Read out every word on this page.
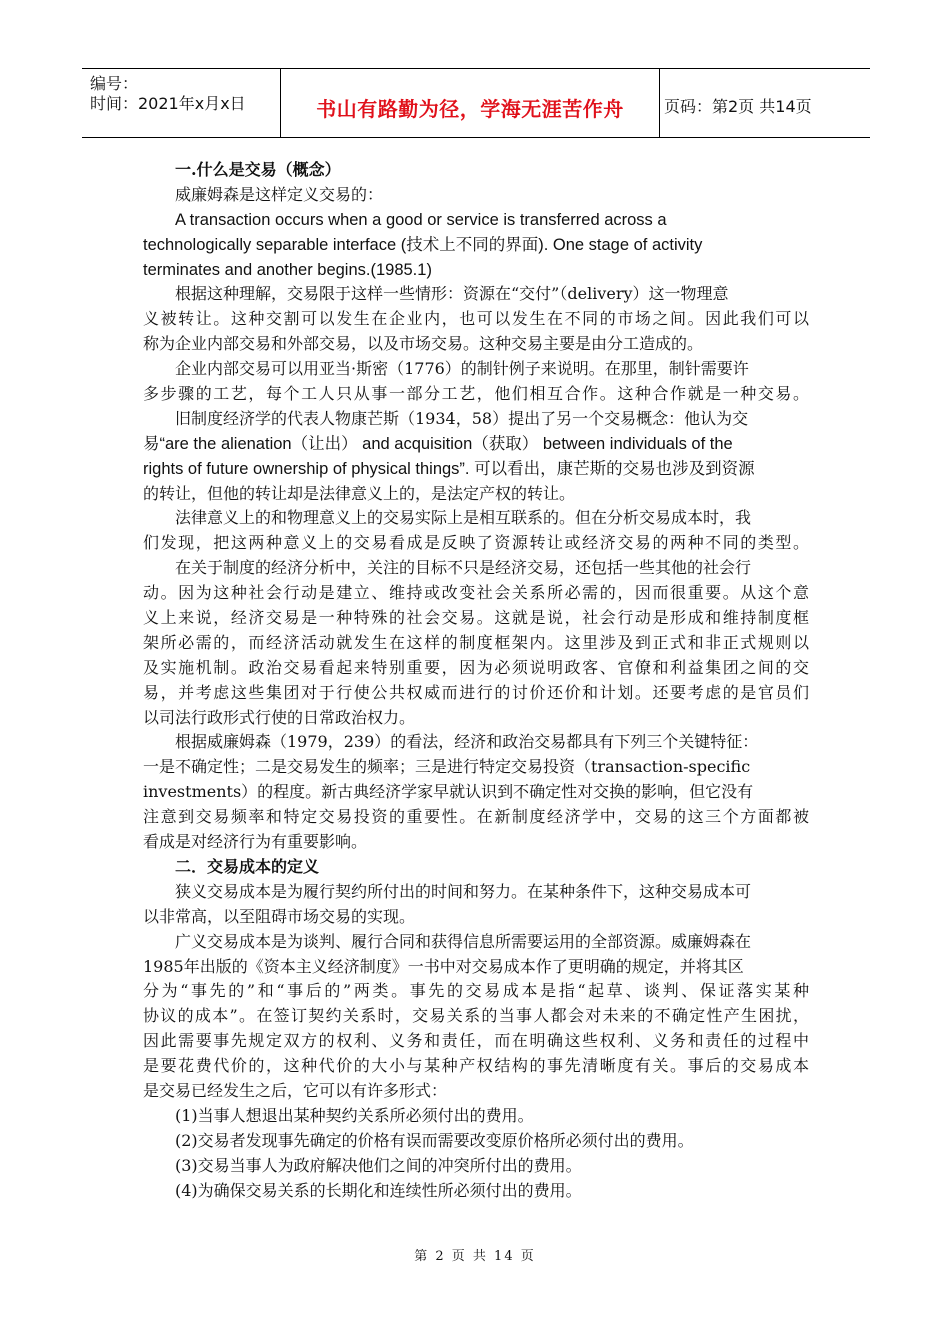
编号：
时间：2021年x月x日	书山有路勤为径，学海无涯苦作舟	页码：第2页 共14页
一.什么是交易（概念）
威廉姆森是这样定义交易的：
A transaction occurs when a good or service is transferred across a
technologically separable interface (技术上不同的界面). One stage of activity
terminates and another begins.(1985.1)
根据这种理解，交易限于这样一些情形：资源在“交付”（delivery）这一物理意
义被转让。这种交割可以发生在企业内，也可以发生在不同的市场之间。因此我们可以
称为企业内部交易和外部交易，以及市场交易。这种交易主要是由分工造成的。
企业内部交易可以用亚当·斯密（1776）的制针例子来说明。在那里，制针需要许
多步骤的工艺，每个工人只从事一部分工艺，他们相互合作。这种合作就是一种交易。
旧制度经济学的代表人物康芒斯（1934，58）提出了另一个交易概念：他认为交
易“are the alienation（让出） and acquisition（获取） between individuals of the
rights of future ownership of physical things”. 可以看出，康芒斯的交易也涉及到资源
的转让，但他的转让却是法律意义上的，是法定产权的转让。
法律意义上的和物理意义上的交易实际上是相互联系的。但在分析交易成本时，我
们发现，把这两种意义上的交易看成是反映了资源转让或经济交易的两种不同的类型。
在关于制度的经济分析中，关注的目标不只是经济交易，还包括一些其他的社会行
动。因为这种社会行动是建立、维持或改变社会关系所必需的，因而很重要。从这个意
义上来说，经济交易是一种特殊的社会交易。这就是说，社会行动是形成和维持制度框
架所必需的，而经济活动就发生在这样的制度框架内。这里涉及到正式和非正式规则以
及实施机制。政治交易看起来特别重要，因为必须说明政客、官僚和利益集团之间的交
易，并考虑这些集团对于行使公共权威而进行的讨价还价和计划。还要考虑的是官员们
以司法行政形式行使的日常政治权力。
根据威廉姆森（1979，239）的看法，经济和政治交易都具有下列三个关键特征：
一是不确定性；二是交易发生的频率；三是进行特定交易投资（transaction-specific
investments）的程度。新古典经济学家早就认识到不确定性对交换的影响，但它没有
注意到交易频率和特定交易投资的重要性。在新制度经济学中，交易的这三个方面都被
看成是对经济行为有重要影响。
二．交易成本的定义
狭义交易成本是为履行契约所付出的时间和努力。在某种条件下，这种交易成本可
以非常高，以至阻碍市场交易的实现。
广义交易成本是为谈判、履行合同和获得信息所需要运用的全部资源。威廉姆森在
1985年出版的《资本主义经济制度》一书中对交易成本作了更明确的规定，并将其区
分为“事先的”和“事后的”两类。事先的交易成本是指“起草、谈判、保证落实某种
协议的成本”。在签订契约关系时，交易关系的当事人都会对未来的不确定性产生困扰，
因此需要事先规定双方的权利、义务和责任，而在明确这些权利、义务和责任的过程中
是要花费代价的，这种代价的大小与某种产权结构的事先清晰度有关。事后的交易成本
是交易已经发生之后，它可以有许多形式：
(1)当事人想退出某种契约关系所必须付出的费用。
(2)交易者发现事先确定的价格有误而需要改变原价格所必须付出的费用。
(3)交易当事人为政府解决他们之间的冲突所付出的费用。
(4)为确保交易关系的长期化和连续性所必须付出的费用。
第 2 页 共 14 页
